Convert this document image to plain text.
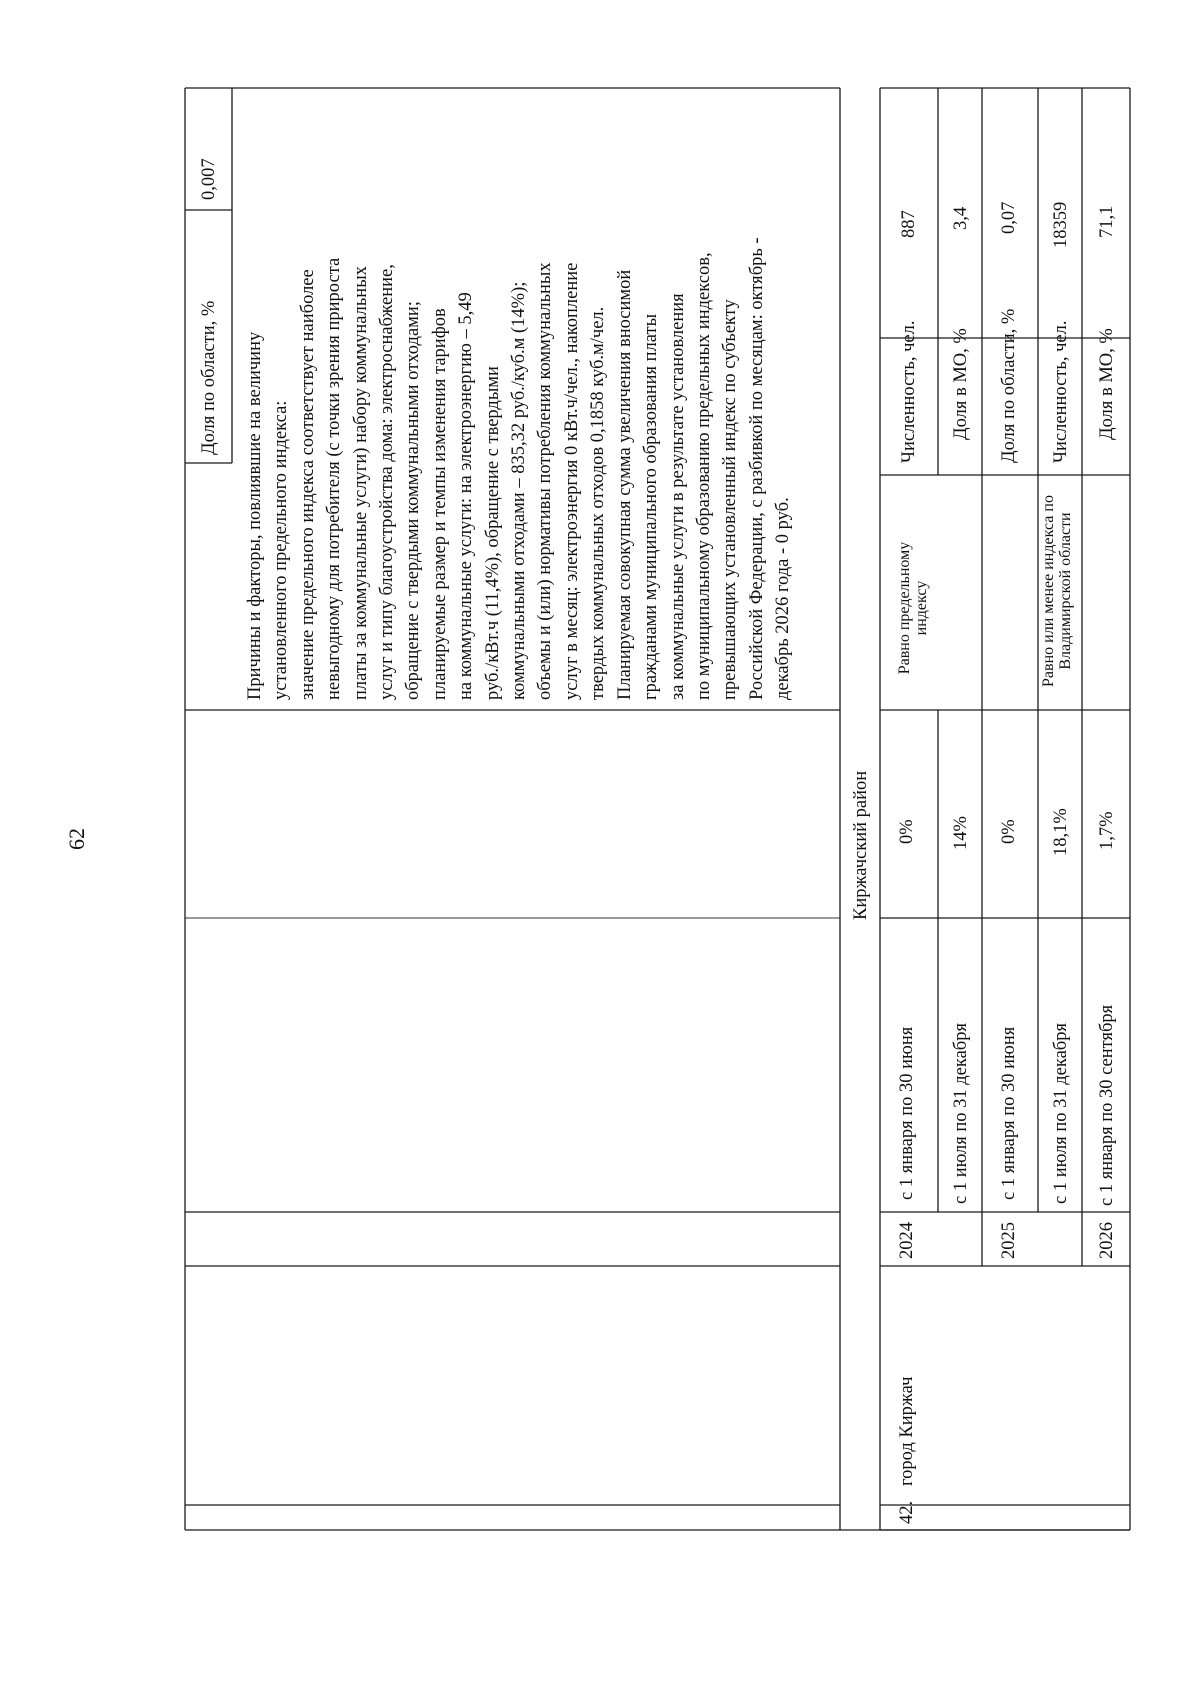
62
Доля по области, %
0,007
Причины и факторы, повлиявшие на величину установленного предельного индекса: значение предельного индекса соответствует наиболее невыгодному для потребителя (с точки зрения прироста платы за коммунальные услуги) набору коммунальных услуг и типу благоустройства дома: электроснабжение, обращение с твердыми коммунальными отходами; планируемые размер и темпы изменения тарифов на коммунальные услуги: на электроэнергию – 5,49 руб./кВт.ч (11,4%), обращение с твердыми коммунальными отходами – 835,32 руб./куб.м (14%); объемы и (или) нормативы потребления коммунальных услуг в месяц: электроэнергия 0 кВт.ч/чел., накопление твердых коммунальных отходов 0,1858 куб.м/чел. Планируемая совокупная сумма увеличения вносимой гражданами муниципального образования платы за коммунальные услуги в результате установления по муниципальному образованию предельных индексов, превышающих установленный индекс по субъекту Российской Федерации, с разбивкой по месяцам: октябрь - декабрь 2026 года - 0 руб.
Киржачский район
42.
город Киржач
2024
с 1 января по 30 июня
0%
с 1 июля по 31 декабря
14%
2025
с 1 января по 30 июня
0%
с 1 июля по 31 декабря
18,1%
2026
с 1 января по 30 сентября
1,7%
Равно предельному индексу	Равно или менее индекса по Владимирской области
Численность, чел.
887
Доля в МО, %
3,4
Доля по области, %
0,07
Численность, чел.
18359
Доля в МО, %
71,1
